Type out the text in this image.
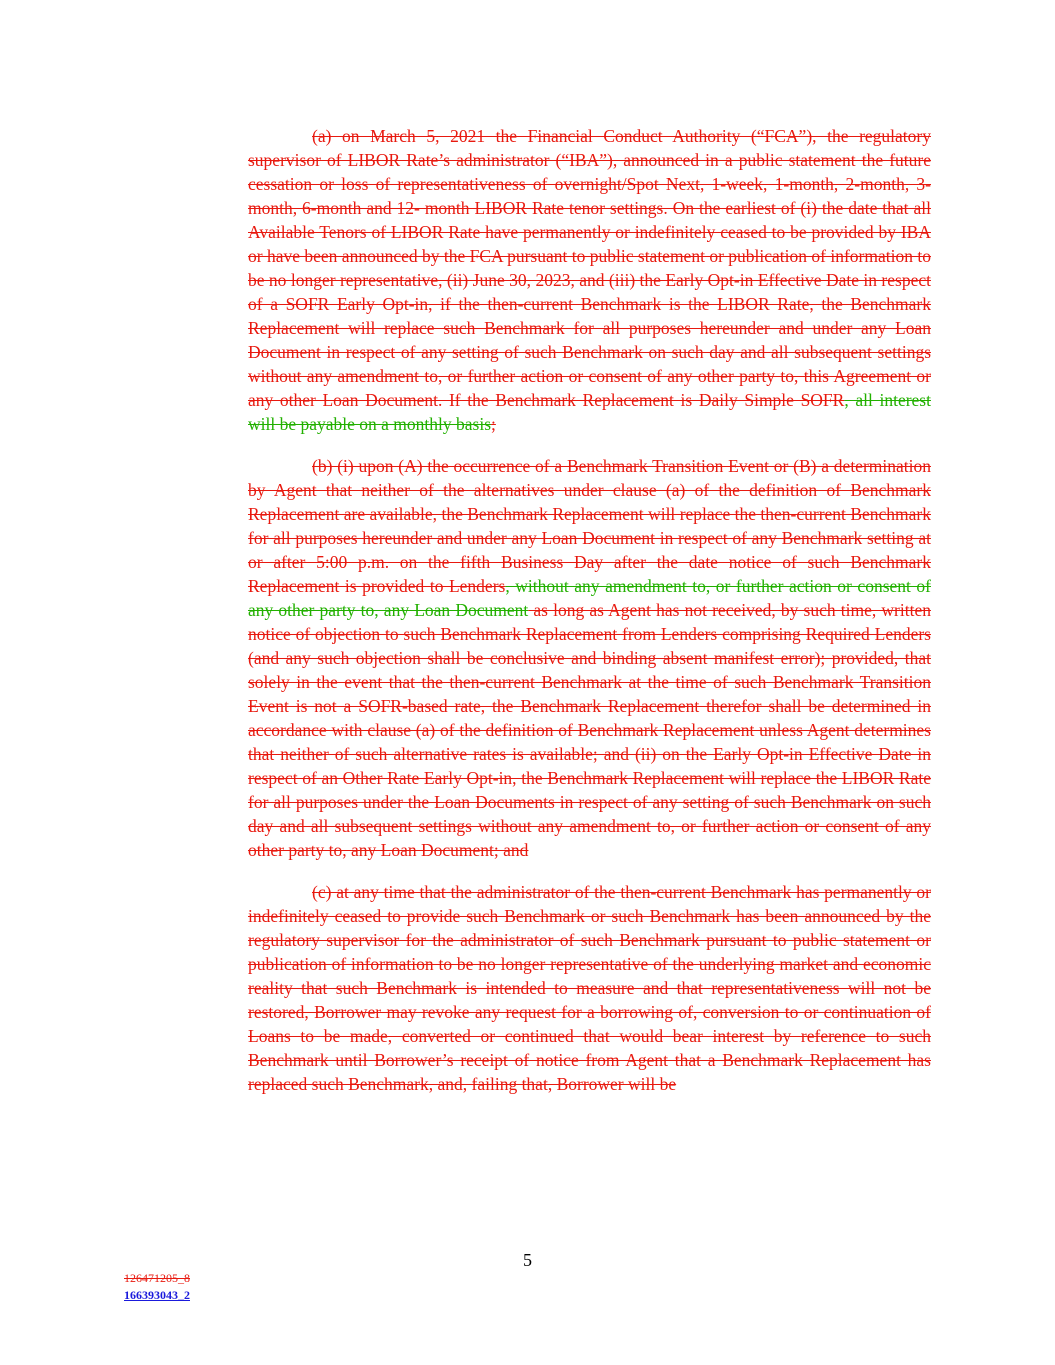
(a) on March 5, 2021 the Financial Conduct Authority (“FCA”), the regulatory supervisor of LIBOR Rate’s administrator (“IBA”), announced in a public statement the future cessation or loss of representativeness of overnight/Spot Next, 1-week, 1-month, 2-month, 3-month, 6-month and 12- month LIBOR Rate tenor settings. On the earliest of (i) the date that all Available Tenors of LIBOR Rate have permanently or indefinitely ceased to be provided by IBA or have been announced by the FCA pursuant to public statement or publication of information to be no longer representative, (ii) June 30, 2023, and (iii) the Early Opt-in Effective Date in respect of a SOFR Early Opt-in, if the then-current Benchmark is the LIBOR Rate, the Benchmark Replacement will replace such Benchmark for all purposes hereunder and under any Loan Document in respect of any setting of such Benchmark on such day and all subsequent settings without any amendment to, or further action or consent of any other party to, this Agreement or any other Loan Document. If the Benchmark Replacement is Daily Simple SOFR, all interest will be payable on a monthly basis;

(b) (i) upon (A) the occurrence of a Benchmark Transition Event or (B) a determination by Agent that neither of the alternatives under clause (a) of the definition of Benchmark Replacement are available, the Benchmark Replacement will replace the then-current Benchmark for all purposes hereunder and under any Loan Document in respect of any Benchmark setting at or after 5:00 p.m. on the fifth Business Day after the date notice of such Benchmark Replacement is provided to Lenders, without any amendment to, or further action or consent of any other party to, any Loan Document as long as Agent has not received, by such time, written notice of objection to such Benchmark Replacement from Lenders comprising Required Lenders (and any such objection shall be conclusive and binding absent manifest error); provided, that solely in the event that the then-current Benchmark at the time of such Benchmark Transition Event is not a SOFR-based rate, the Benchmark Replacement therefor shall be determined in accordance with clause (a) of the definition of Benchmark Replacement unless Agent determines that neither of such alternative rates is available; and (ii) on the Early Opt-in Effective Date in respect of an Other Rate Early Opt-in, the Benchmark Replacement will replace the LIBOR Rate for all purposes under the Loan Documents in respect of any setting of such Benchmark on such day and all subsequent settings without any amendment to, or further action or consent of any other party to, any Loan Document; and

(c) at any time that the administrator of the then-current Benchmark has permanently or indefinitely ceased to provide such Benchmark or such Benchmark has been announced by the regulatory supervisor for the administrator of such Benchmark pursuant to public statement or publication of information to be no longer representative of the underlying market and economic reality that such Benchmark is intended to measure and that representativeness will not be restored, Borrower may revoke any request for a borrowing of, conversion to or continuation of Loans to be made, converted or continued that would bear interest by reference to such Benchmark until Borrower’s receipt of notice from Agent that a Benchmark Replacement has replaced such Benchmark, and, failing that, Borrower will be

5
126471205_8
166393043_2
